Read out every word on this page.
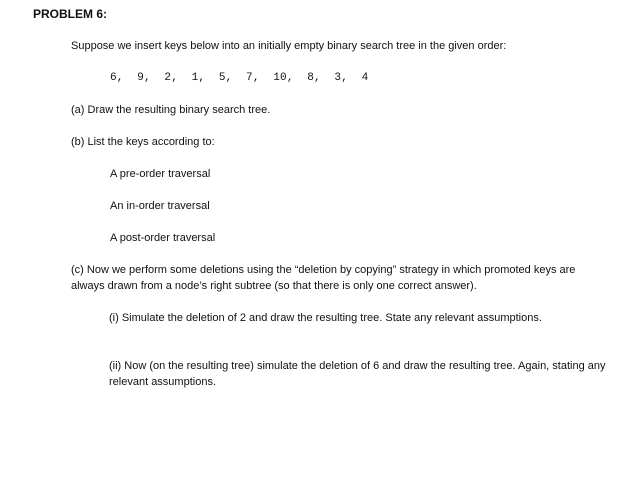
PROBLEM 6:
Suppose we insert keys below into an initially empty binary search tree in the given order:
6,  9,  2,  1,  5,  7,  10,  8,  3,  4
(a) Draw the resulting binary search tree.
(b) List the keys according to:
A pre-order traversal
An in-order traversal
A post-order traversal
(c) Now we perform some deletions using the “deletion by copying” strategy in which promoted keys are always drawn from a node’s right subtree (so that there is only one correct answer).
(i) Simulate the deletion of 2 and draw the resulting tree. State any relevant assumptions.
(ii) Now (on the resulting tree) simulate the deletion of 6 and draw the resulting tree. Again, stating any relevant assumptions.
